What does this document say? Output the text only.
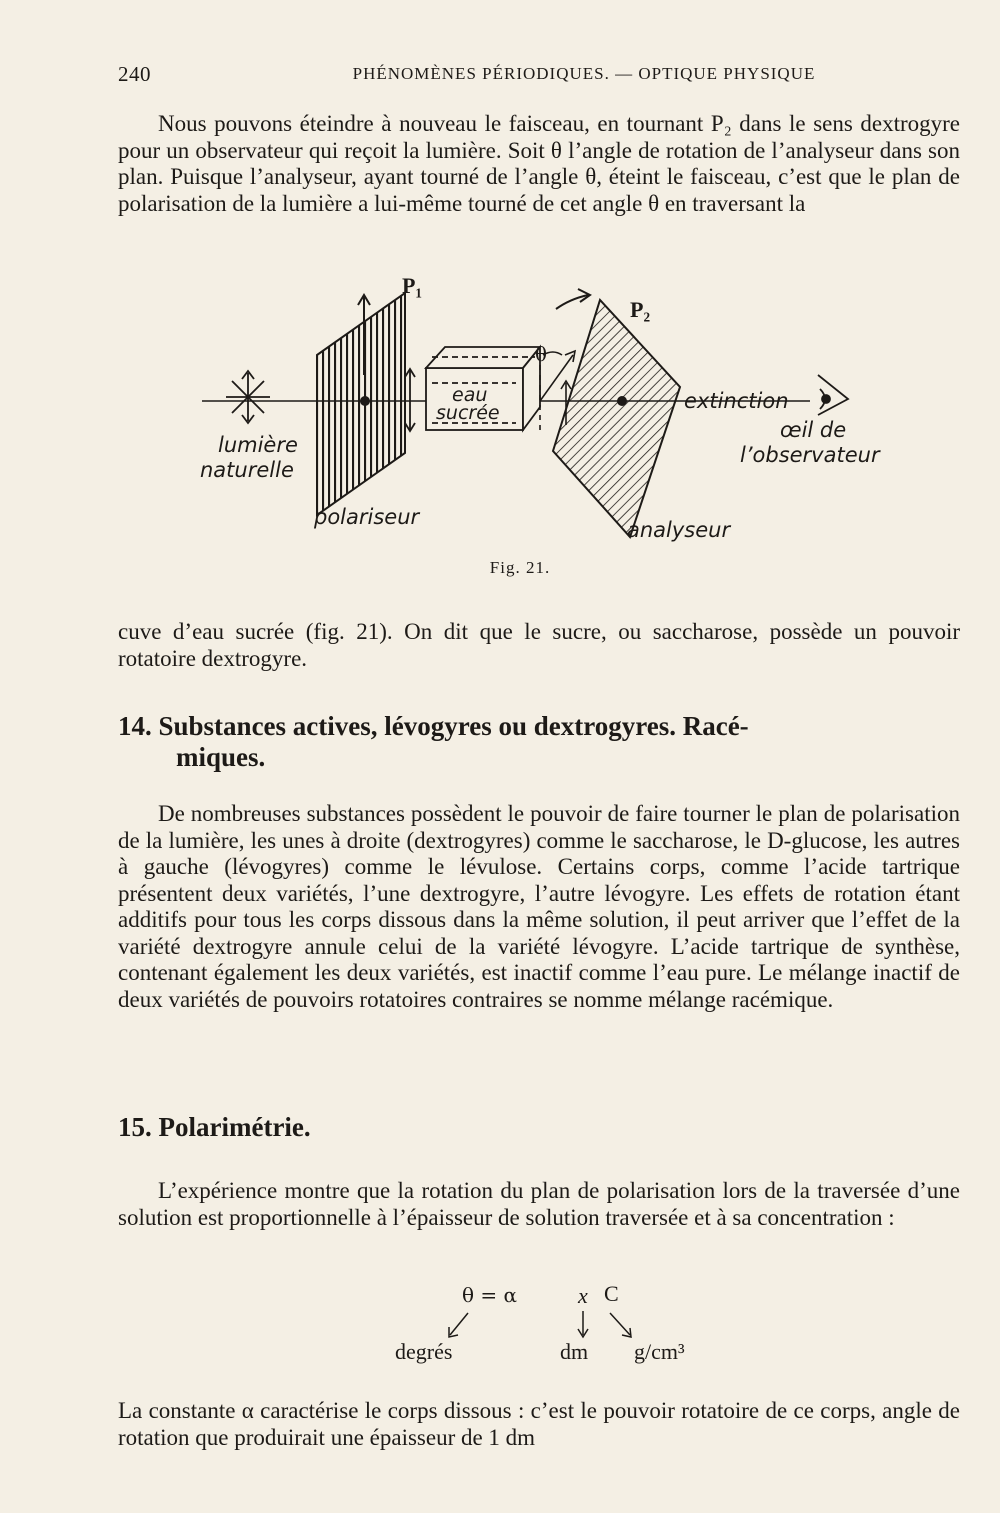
240	PHÉNOMÈNES PÉRIODIQUES. — OPTIQUE PHYSIQUE
Nous pouvons éteindre à nouveau le faisceau, en tournant P₂ dans le sens dextrogyre pour un observateur qui reçoit la lumière. Soit θ l’angle de rotation de l’analyseur dans son plan. Puisque l’analyseur, ayant tourné de l’angle θ, éteint le faisceau, c’est que le plan de polarisation de la lumière a lui-même tourné de cet angle θ en traversant la
P₁
eau
sucrée
θ
P₂
lumière
naturelle
polariseur
analyseur
extinction
œil de
l’observateur
Fig. 21.
cuve d’eau sucrée (fig. 21). On dit que le sucre, ou saccharose, possède un pouvoir rotatoire dextrogyre.
14. Substances actives, lévogyres ou dextrogyres. Racé-
miques.
De nombreuses substances possèdent le pouvoir de faire tourner le plan de polarisation de la lumière, les unes à droite (dextrogyres) comme le saccharose, le D-glucose, les autres à gauche (lévogyres) comme le lévulose. Certains corps, comme l’acide tartrique présentent deux variétés, l’une dextrogyre, l’autre lévogyre. Les effets de rotation étant additifs pour tous les corps dissous dans la même solution, il peut arriver que l’effet de la variété dextrogyre annule celui de la variété lévogyre. L’acide tartrique de synthèse, contenant également les deux variétés, est inactif comme l’eau pure. Le mélange inactif de deux variétés de pouvoirs rotatoires contraires se nomme mélange racémique.
15. Polarimétrie.
L’expérience montre que la rotation du plan de polarisation lors de la traversée d’une solution est proportionnelle à l’épaisseur de solution traversée et à sa concentration :
θ = α	x C
degrés	dm g/cm³
La constante α caractérise le corps dissous : c’est le pouvoir rotatoire de ce corps, angle de rotation que produirait une épaisseur de 1 dm
